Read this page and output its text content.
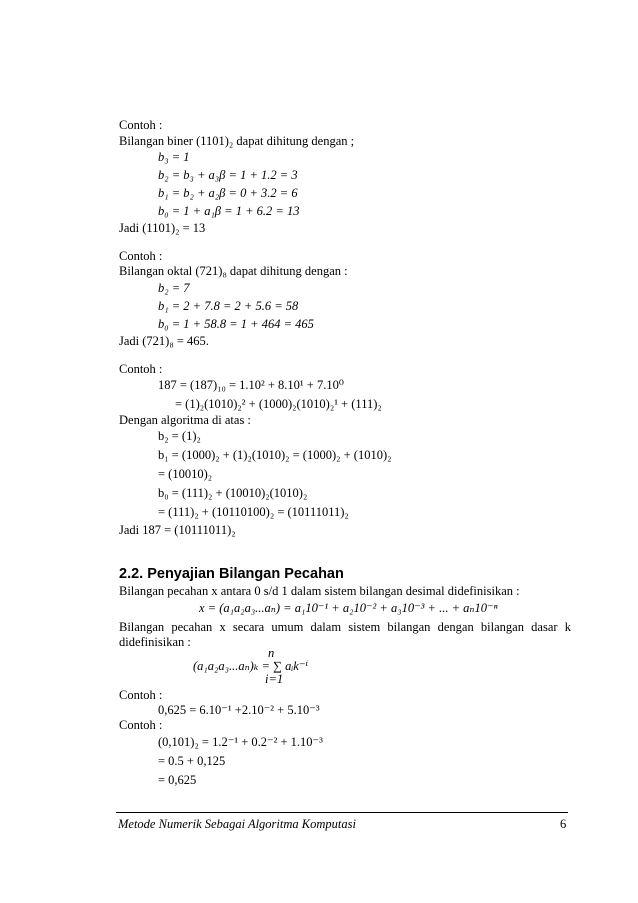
Contoh :
Bilangan biner (1101)₂ dapat dihitung dengan ;
b₃ = 1
b₂ = b₃ + a₃β = 1 + 1.2 = 3
b₁ = b₂ + a₂β = 0 + 3.2 = 6
b₀ = 1 + a₁β = 1 + 6.2 = 13
Jadi (1101)₂ = 13
Contoh :
Bilangan oktal (721)₈ dapat dihitung dengan :
b₂ = 7
b₁ = 2 + 7.8 = 2 + 5.6 = 58
b₀ = 1 + 58.8 = 1 + 464 = 465
Jadi (721)₈ = 465.
Contoh :
187 = (187)₁₀ = 1.10² + 8.10¹ + 7.10⁰
= (1)₂(1010)₂² + (1000)₂(1010)₂¹ + (111)₂
Dengan algoritma di atas :
b₂ = (1)₂
b₁ = (1000)₂ + (1)₂(1010)₂ = (1000)₂ + (1010)₂
= (10010)₂
b₀ = (111)₂ + (10010)₂(1010)₂
= (111)₂ + (10110100)₂ = (10111011)₂
Jadi 187 = (10111011)₂
2.2. Penyajian Bilangan Pecahan
Bilangan pecahan x antara 0 s/d 1 dalam sistem bilangan desimal didefinisikan :
x = (a₁a₂a₃...aₙ) = a₁10⁻¹ + a₂10⁻² + a₃10⁻³ + ... + aₙ10⁻ⁿ
Bilangan pecahan x secara umum dalam sistem bilangan dengan bilangan dasar k
didefinisikan :
(a₁a₂a₃...aₙ)ₖ = ∑ aᵢk⁻ⁱ
n
i=1
Contoh :
0,625 = 6.10⁻¹ +2.10⁻² + 5.10⁻³
Contoh :
(0,101)₂ = 1.2⁻¹ + 0.2⁻² + 1.10⁻³
= 0.5 + 0,125
= 0,625
Metode Numerik Sebagai Algoritma Komputasi	6
